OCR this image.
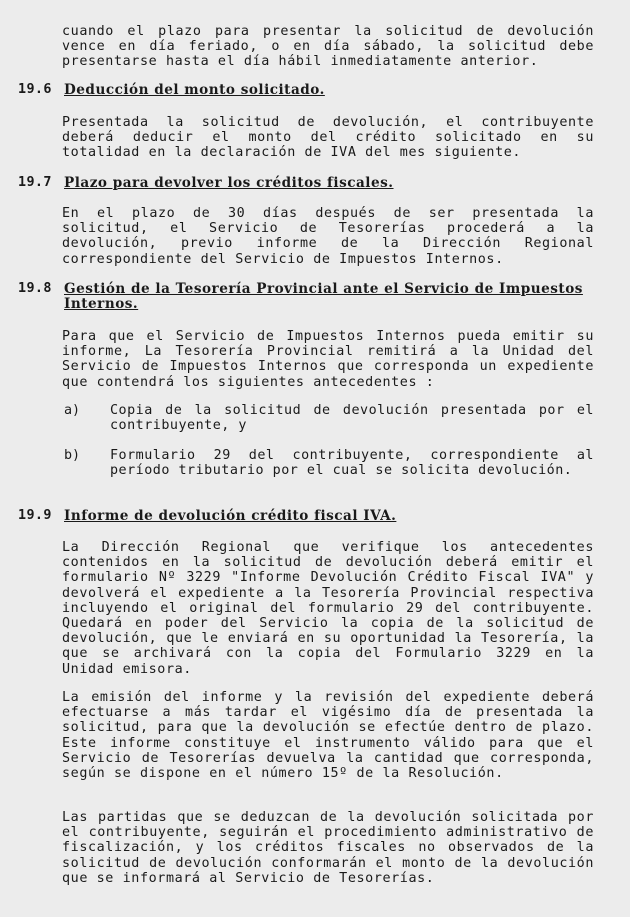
cuando el plazo para presentar la solicitud de devolución vence en día feriado, o en día sábado, la solicitud debe presentarse hasta el día hábil inmediatamente anterior.

19.6 Deducción del monto solicitado.

Presentada la solicitud de devolución, el contribuyente deberá deducir el monto del crédito solicitado en su totalidad en la declaración de IVA del mes siguiente.

19.7 Plazo para devolver los créditos fiscales.

En el plazo de 30 días después de ser presentada la solicitud, el Servicio de Tesorerías procederá a la devolución, previo informe de la Dirección Regional correspondiente del Servicio de Impuestos Internos.

19.8 Gestión de la Tesorería Provincial ante el Servicio de Impuestos Internos.

Para que el Servicio de Impuestos Internos pueda emitir su informe, La Tesorería Provincial remitirá a la Unidad del Servicio de Impuestos Internos que corresponda un expediente que contendrá los siguientes antecedentes :

a) Copia de la solicitud de devolución presentada por el contribuyente, y

b) Formulario 29 del contribuyente, correspondiente al período tributario por el cual se solicita devolución.

19.9 Informe de devolución crédito fiscal IVA.

La Dirección Regional que verifique los antecedentes contenidos en la solicitud de devolución deberá emitir el formulario Nº 3229 "Informe Devolución Crédito Fiscal IVA" y devolverá el expediente a la Tesorería Provincial respectiva incluyendo el original del formulario 29 del contribuyente. Quedará en poder del Servicio la copia de la solicitud de devolución, que le enviará en su oportunidad la Tesorería, la que se archivará con la copia del Formulario 3229 en la Unidad emisora.

La emisión del informe y la revisión del expediente deberá efectuarse a más tardar el vigésimo día de presentada la solicitud, para que la devolución se efectúe dentro de plazo. Este informe constituye el instrumento válido para que el Servicio de Tesorerías devuelva la cantidad que corresponda, según se dispone en el número 15º de la Resolución.

Las partidas que se deduzcan de la devolución solicitada por el contribuyente, seguirán el procedimiento administrativo de fiscalización, y los créditos fiscales no observados de la solicitud de devolución conformarán el monto de la devolución que se informará al Servicio de Tesorerías.
